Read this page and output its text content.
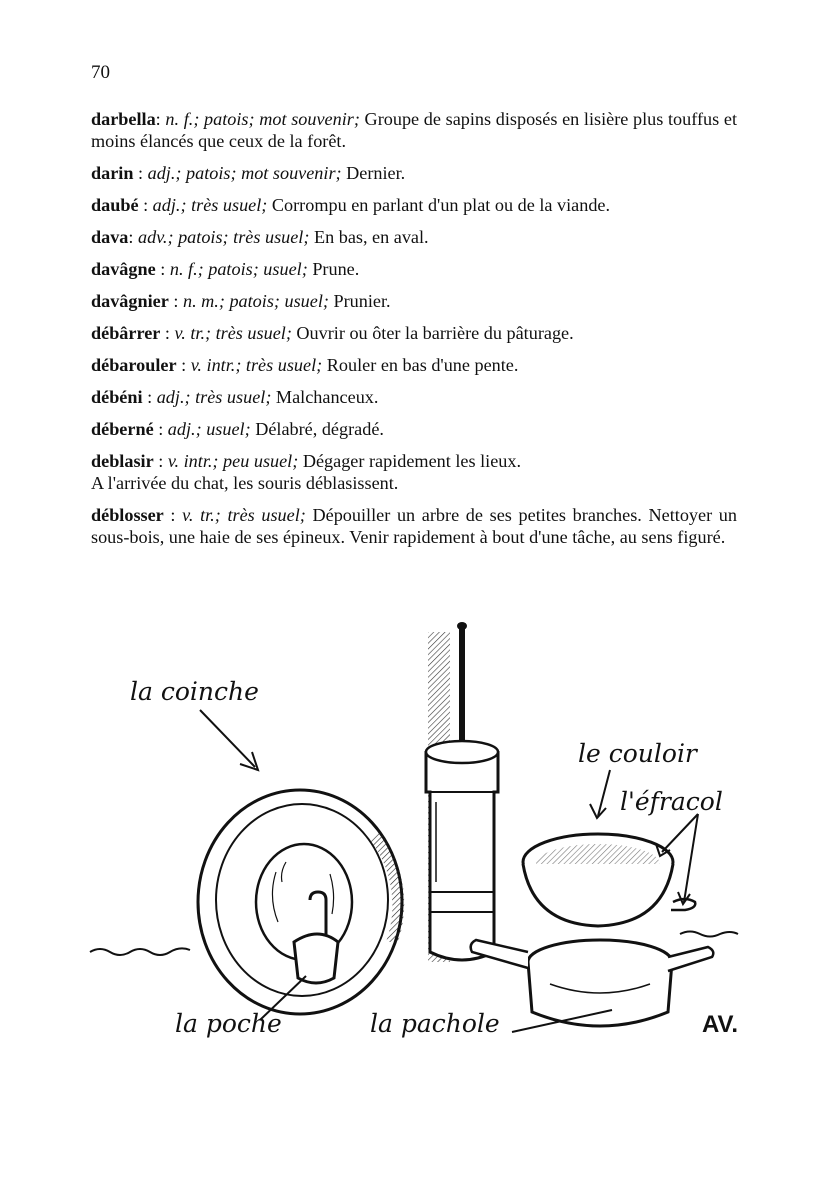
70

darbella: n. f.; patois; mot souvenir; Groupe de sapins disposés en lisière plus touffus et moins élancés que ceux de la forêt.

darin : adj.; patois; mot souvenir; Dernier.

daubé : adj.; très usuel; Corrompu en parlant d'un plat ou de la viande.

dava: adv.; patois; très usuel; En bas, en aval.

davâgne : n. f.; patois; usuel; Prune.

davâgnier : n. m.; patois; usuel; Prunier.

débârrer : v. tr.; très usuel; Ouvrir ou ôter la barrière du pâturage.

débarouler : v. intr.; très usuel; Rouler en bas d'une pente.

débéni : adj.; très usuel; Malchanceux.

déberné : adj.; usuel; Délabré, dégradé.

deblasir : v. intr.; peu usuel; Dégager rapidement les lieux.
A l'arrivée du chat, les souris déblasissent.

déblosser : v. tr.; très usuel; Dépouiller un arbre de ses petites branches. Nettoyer un sous-bois, une haie de ses épineux. Venir rapidement à bout d'une tâche, au sens figuré.

la coinche
le couloir
l'éfracol
la poche	la pachole	AV.
